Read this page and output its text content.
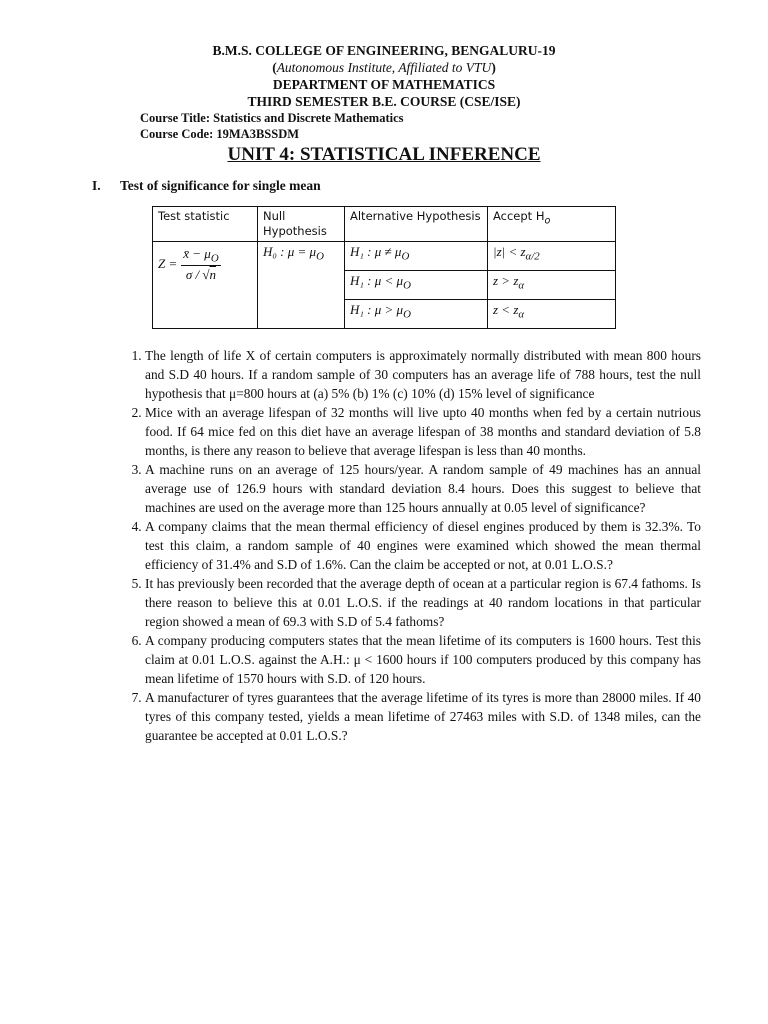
B.M.S. COLLEGE OF ENGINEERING, BENGALURU-19
(Autonomous Institute, Affiliated to VTU)
DEPARTMENT OF MATHEMATICS
THIRD SEMESTER B.E. COURSE (CSE/ISE)
Course Title: Statistics and Discrete Mathematics
Course Code: 19MA3BSSDM
UNIT 4: STATISTICAL INFERENCE
I. Test of significance for single mean
Test statistic	Null Hypothesis	Alternative Hypothesis	Accept $H_o$

$Z = \frac{x̄ - \mu_O}{\sigma / √n}$	H₀ : $\mu = \mu_O$	H₁ : $\mu \ne \mu_O$	$|z| < z_{\alpha/2}$
		H₁ : $\mu < \mu_O$	$z > z_\alpha$
		H₁ : $\mu > \mu_O$	$z < z_\alpha$
1. The length of life X of certain computers is approximately normally distributed with mean 800 hours and S.D 40 hours. If a random sample of 30 computers has an average life of 788 hours, test the null hypothesis that μ=800 hours at (a) 5% (b) 1% (c) 10% (d) 15% level of significance
2. Mice with an average lifespan of 32 months will live upto 40 months when fed by a certain nutrious food. If 64 mice fed on this diet have an average lifespan of 38 months and standard deviation of 5.8 months, is there any reason to believe that average lifespan is less than 40 months.
3. A machine runs on an average of 125 hours/year. A random sample of 49 machines has an annual average use of 126.9 hours with standard deviation 8.4 hours. Does this suggest to believe that machines are used on the average more than 125 hours annually at 0.05 level of significance?
4. A company claims that the mean thermal efficiency of diesel engines produced by them is 32.3%. To test this claim, a random sample of 40 engines were examined which showed the mean thermal efficiency of 31.4% and S.D of 1.6%. Can the claim be accepted or not, at 0.01 L.O.S.?
5. It has previously been recorded that the average depth of ocean at a particular region is 67.4 fathoms. Is there reason to believe this at 0.01 L.O.S. if the readings at 40 random locations in that particular region showed a mean of 69.3 with S.D of 5.4 fathoms?
6. A company producing computers states that the mean lifetime of its computers is 1600 hours. Test this claim at 0.01 L.O.S. against the A.H.: μ < 1600 hours if 100 computers produced by this company has mean lifetime of 1570 hours with S.D. of 120 hours.
7. A manufacturer of tyres guarantees that the average lifetime of its tyres is more than 28000 miles. If 40 tyres of this company tested, yields a mean lifetime of 27463 miles with S.D. of 1348 miles, can the guarantee be accepted at 0.01 L.O.S.?
